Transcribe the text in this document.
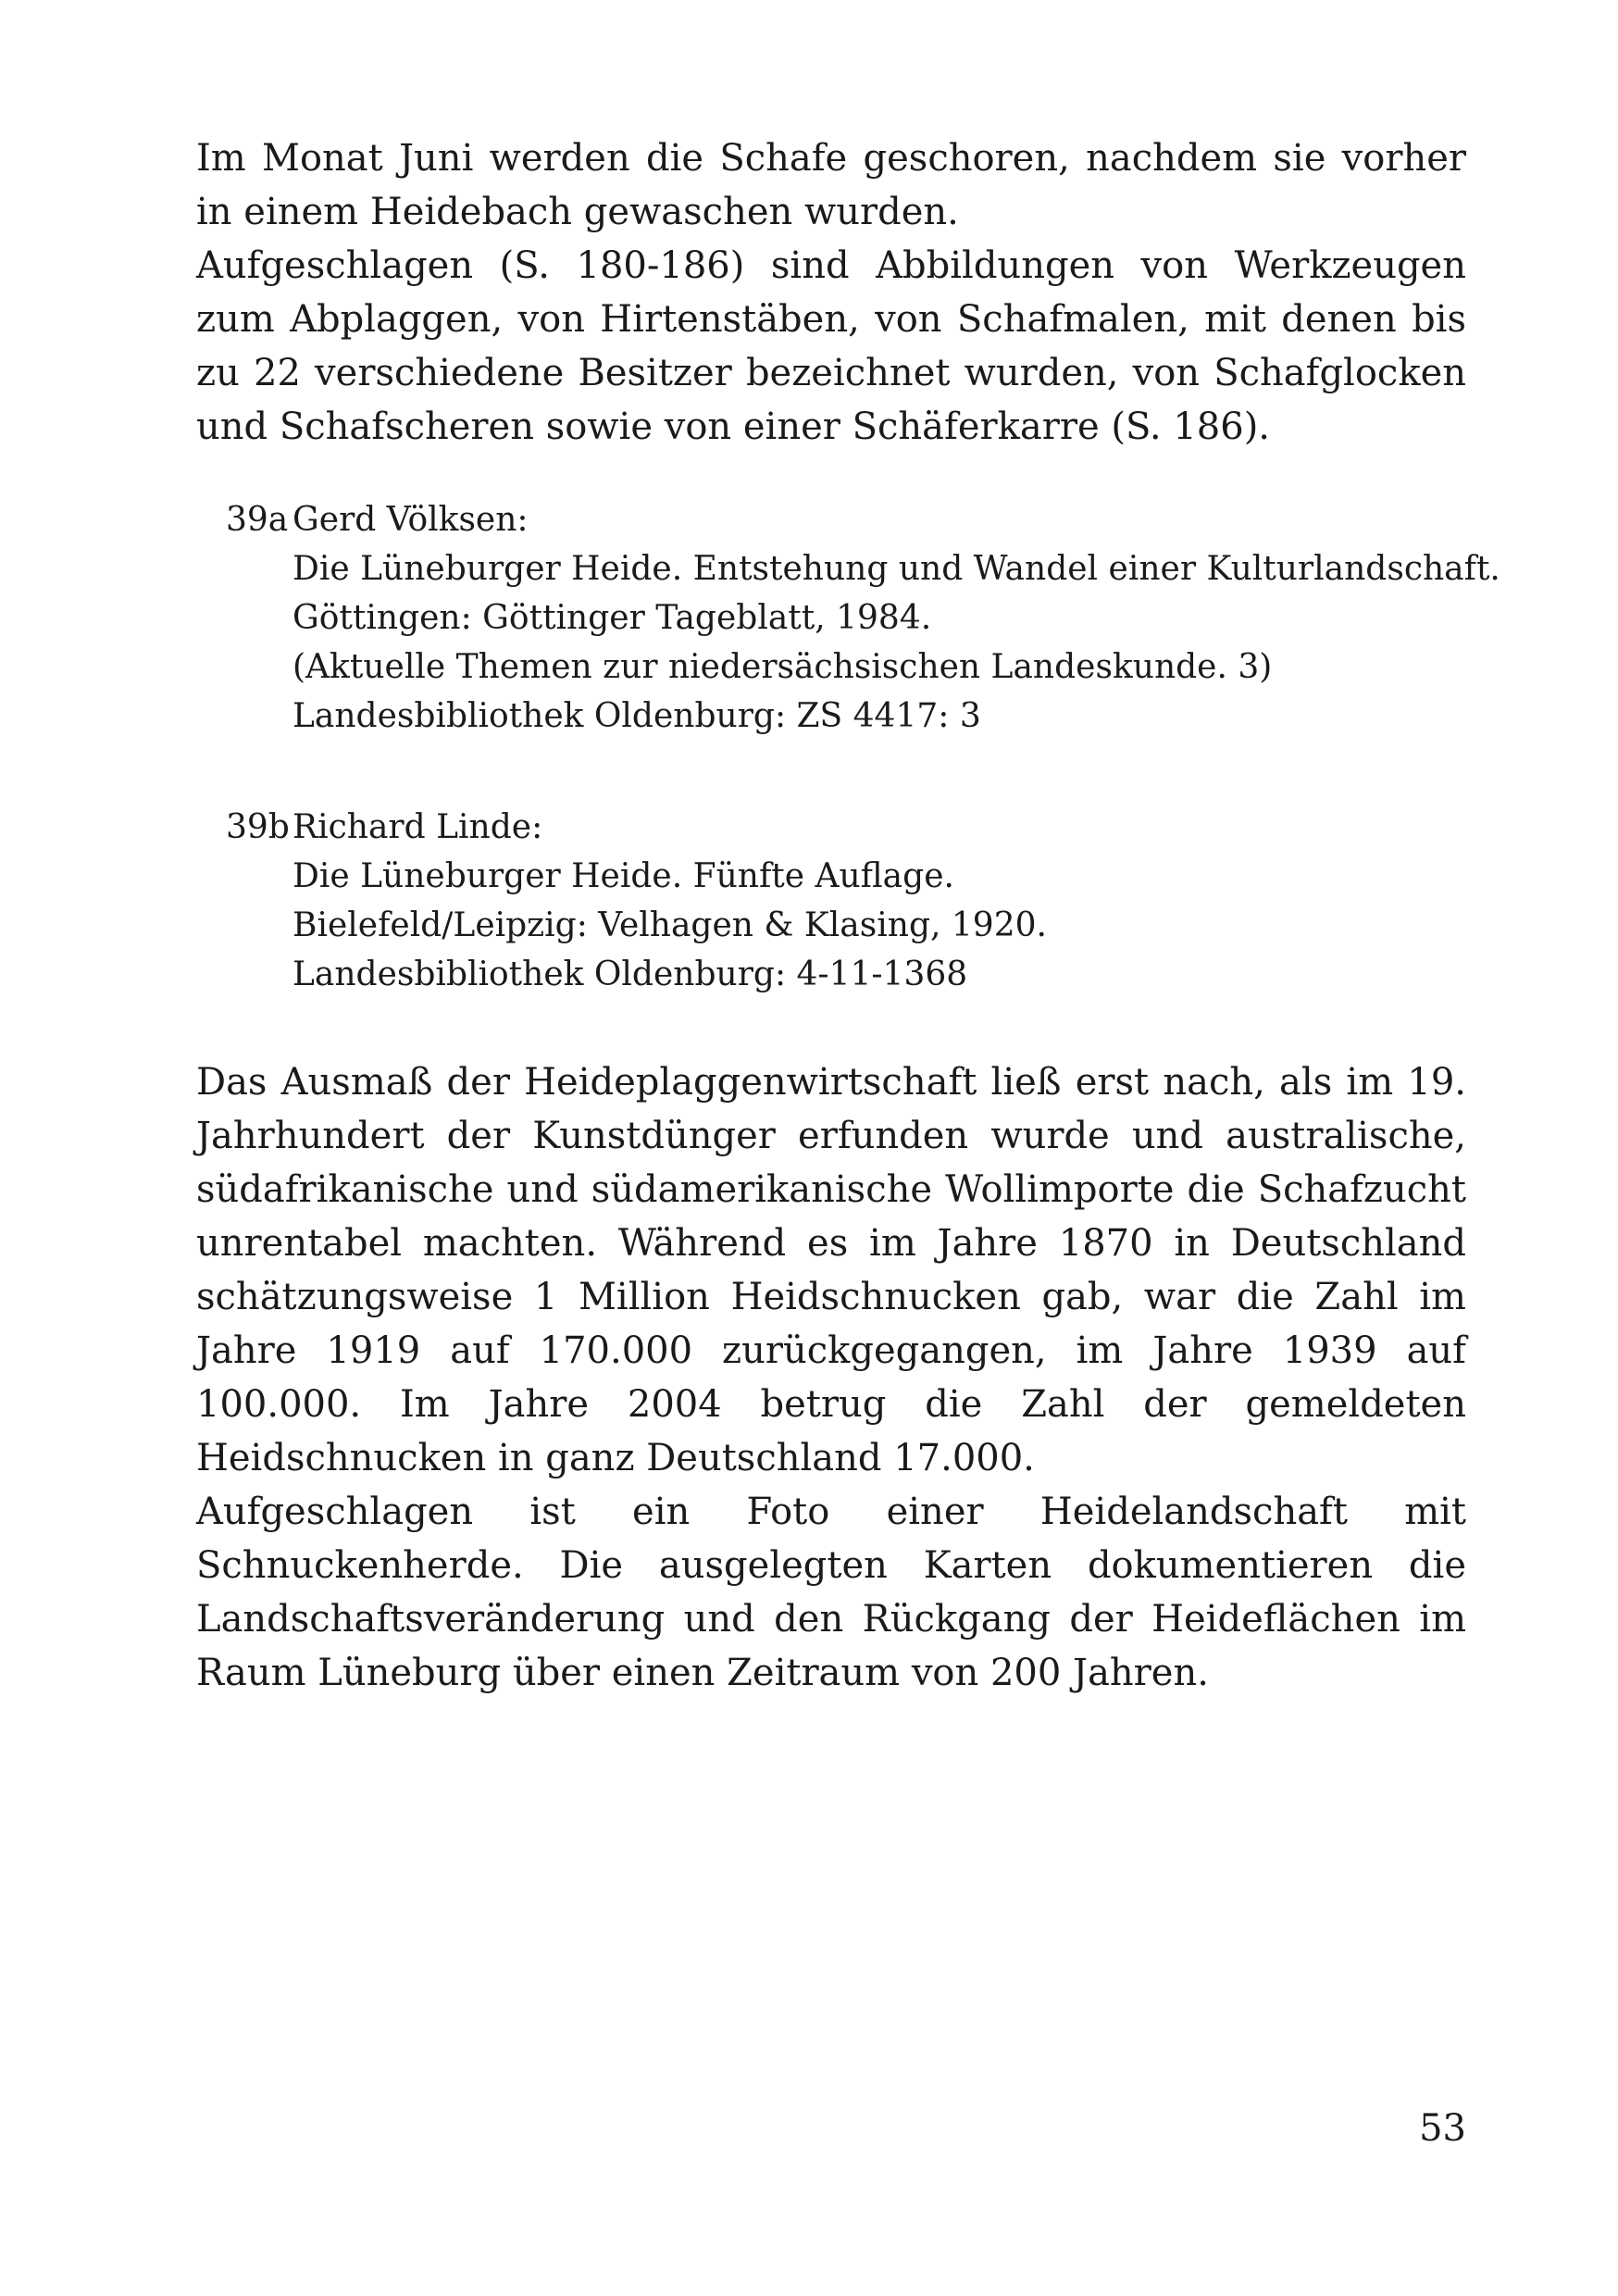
Im Monat Juni werden die Schafe geschoren, nachdem sie vorher in einem Heidebach gewaschen wurden.

Aufgeschlagen (S. 180-186) sind Abbildungen von Werkzeugen zum Abplaggen, von Hirtenstäben, von Schafmalen, mit denen bis zu 22 verschiedene Besitzer bezeichnet wurden, von Schafglocken und Schafscheren sowie von einer Schäferkarre (S. 186).

39a Gerd Völksen:
Die Lüneburger Heide. Entstehung und Wandel einer Kulturlandschaft.
Göttingen: Göttinger Tageblatt, 1984.
(Aktuelle Themen zur niedersächsischen Landeskunde. 3)
Landesbibliothek Oldenburg: ZS 4417: 3
39bRichard Linde:
Die Lüneburger Heide. Fünfte Auflage.
Bielefeld/Leipzig: Velhagen & Klasing, 1920.
Landesbibliothek Oldenburg: 4-11-1368

Das Ausmaß der Heideplaggenwirtschaft ließ erst nach, als im 19. Jahrhundert der Kunstdünger erfunden wurde und australische, südafrikanische und südamerikanische Wollimporte die Schafzucht unrentabel machten. Während es im Jahre 1870 in Deutschland schätzungsweise 1 Million Heidschnucken gab, war die Zahl im Jahre 1919 auf 170.000 zurückgegangen, im Jahre 1939 auf 100.000. Im Jahre 2004 betrug die Zahl der gemeldeten Heidschnucken in ganz Deutschland 17.000.

Aufgeschlagen ist ein Foto einer Heidelandschaft mit Schnuckenherde. Die ausgelegten Karten dokumentieren die Landschaftsveränderung und den Rückgang der Heideflächen im Raum Lüneburg über einen Zeitraum von 200 Jahren.

53
